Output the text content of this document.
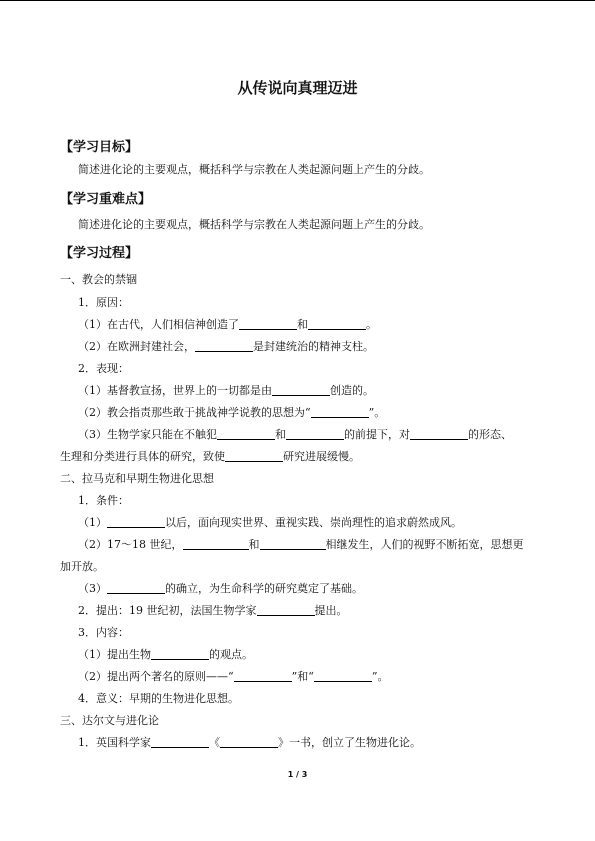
从传说向真理迈进
【学习目标】
简述进化论的主要观点，概括科学与宗教在人类起源问题上产生的分歧。
【学习重难点】
简述进化论的主要观点，概括科学与宗教在人类起源问题上产生的分歧。
【学习过程】
一、教会的禁锢
1．原因：
（1）在古代，人们相信神创造了	和	。
（2）在欧洲封建社会，	是封建统治的精神支柱。
2．表现：
（1）基督教宣扬，世界上的一切都是由	创造的。
（2）教会指责那些敢于挑战神学说教的思想为“	”。
（3）生物学家只能在不触犯	和	的前提下，对	的形态、
生理和分类进行具体的研究，致使	研究进展缓慢。
二、拉马克和早期生物进化思想
1．条件：
（1）	以后，面向现实世界、重视实践、崇尚理性的追求蔚然成风。
（2）17～18 世纪，	和	相继发生，人们的视野不断拓宽，思想更
加开放。
（3）	的确立，为生命科学的研究奠定了基础。
2．提出：19 世纪初，法国生物学家	提出。
3．内容：
（1）提出生物	的观点。
（2）提出两个著名的原则——“	”和“	”。
4．意义：早期的生物进化思想。
三、达尔文与进化论
1．英国科学家	《	》一书，创立了生物进化论。
1 / 3
